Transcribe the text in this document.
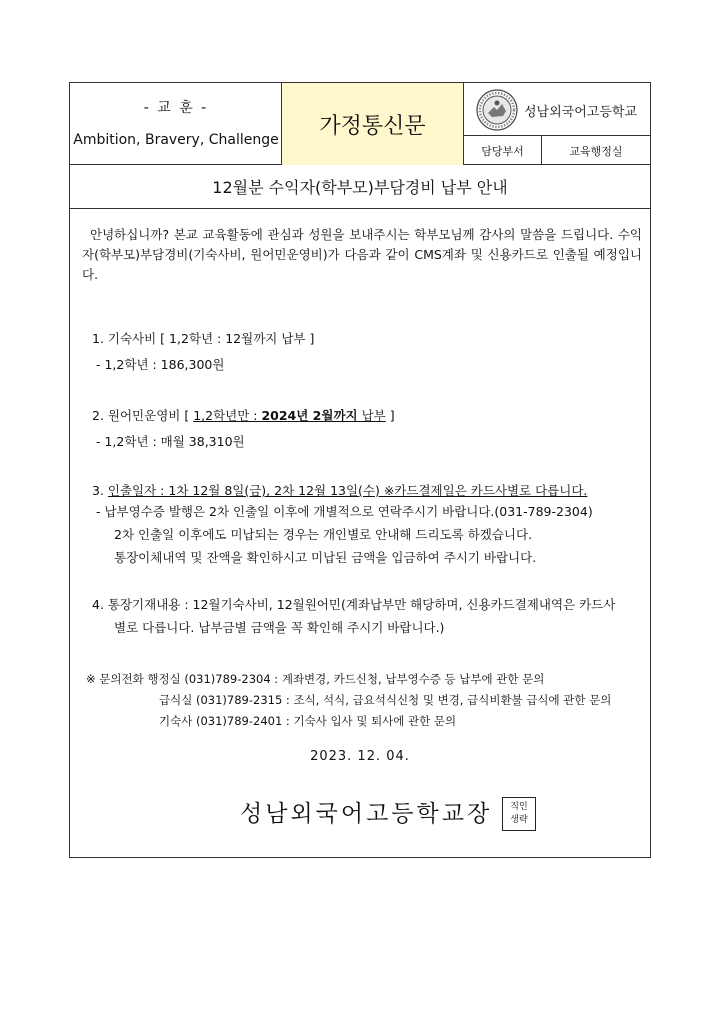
- 교 훈 -
Ambition, Bravery, Challenge
가정통신문
성남외국어고등학교
담당부서	교육행정실
12월분 수익자(학부모)부담경비 납부 안내
안녕하십니까? 본교 교육활동에 관심과 성원을 보내주시는 학부모님께 감사의 말씀을 드립니다. 수익자(학부모)부담경비(기숙사비, 원어민운영비)가 다음과 같이 CMS계좌 및 신용카드로 인출될 예정입니다.
1. 기숙사비 [ 1,2학년 : 12월까지 납부 ]
- 1,2학년 : 186,300원
2. 원어민운영비 [ 1,2학년만 : 2024년 2월까지 납부 ]
- 1,2학년 : 매월 38,310원
3. 인출일자 : 1차 12월 8일(금), 2차 12월 13일(수) ※카드결제일은 카드사별로 다릅니다.
- 납부영수증 발행은 2차 인출일 이후에 개별적으로 연락주시기 바랍니다.(031-789-2304)
2차 인출일 이후에도 미납되는 경우는 개인별로 안내해 드리도록 하겠습니다.
통장이체내역 및 잔액을 확인하시고 미납된 금액을 입금하여 주시기 바랍니다.
4. 통장기재내용 : 12월기숙사비, 12월원어민(계좌납부만 해당하며, 신용카드결제내역은 카드사
별로 다릅니다. 납부금별 금액을 꼭 확인해 주시기 바랍니다.)
※ 문의전화 행정실 (031)789-2304 : 계좌변경, 카드신청, 납부영수증 등 납부에 관한 문의
급식실 (031)789-2315 : 조식, 석식, 급요석식신청 및 변경, 급식비환불 급식에 관한 문의
기숙사 (031)789-2401 : 기숙사 입사 및 퇴사에 관한 문의
2023. 12. 04.
성남외국어고등학교장 직인
생략
